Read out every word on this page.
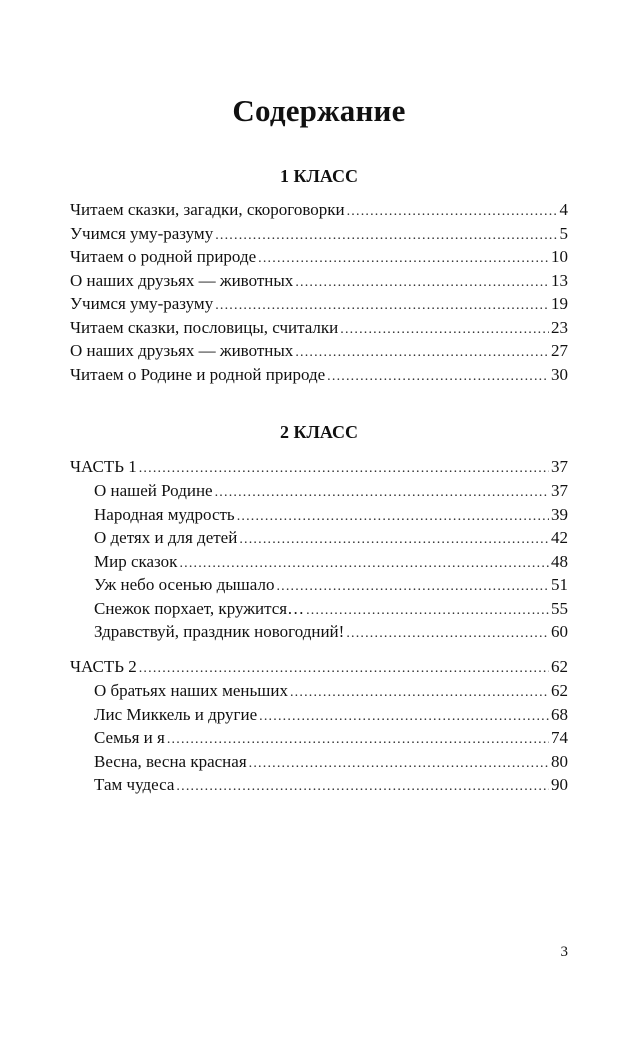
Содержание
1 КЛАСС
Читаем сказки, загадки, скороговорки .....	4
Учимся уму-разуму .....	5
Читаем о родной природе .....	10
О наших друзьях — животных .....	13
Учимся уму-разуму .....	19
Читаем сказки, пословицы, считалки .....	23
О наших друзьях — животных .....	27
Читаем о Родине и родной природе .....	30
2 КЛАСС
ЧАСТЬ 1 .....	37
О нашей Родине .....	37
Народная мудрость .....	39
О детях и для детей .....	42
Мир сказок .....	48
Уж небо осенью дышало .....	51
Снежок порхает, кружится… .....	55
Здравствуй, праздник новогодний! .....	60
ЧАСТЬ 2 .....	62
О братьях наших меньших .....	62
Лис Миккель и другие .....	68
Семья и я .....	74
Весна, весна красная .....	80
Там чудеса .....	90
3
